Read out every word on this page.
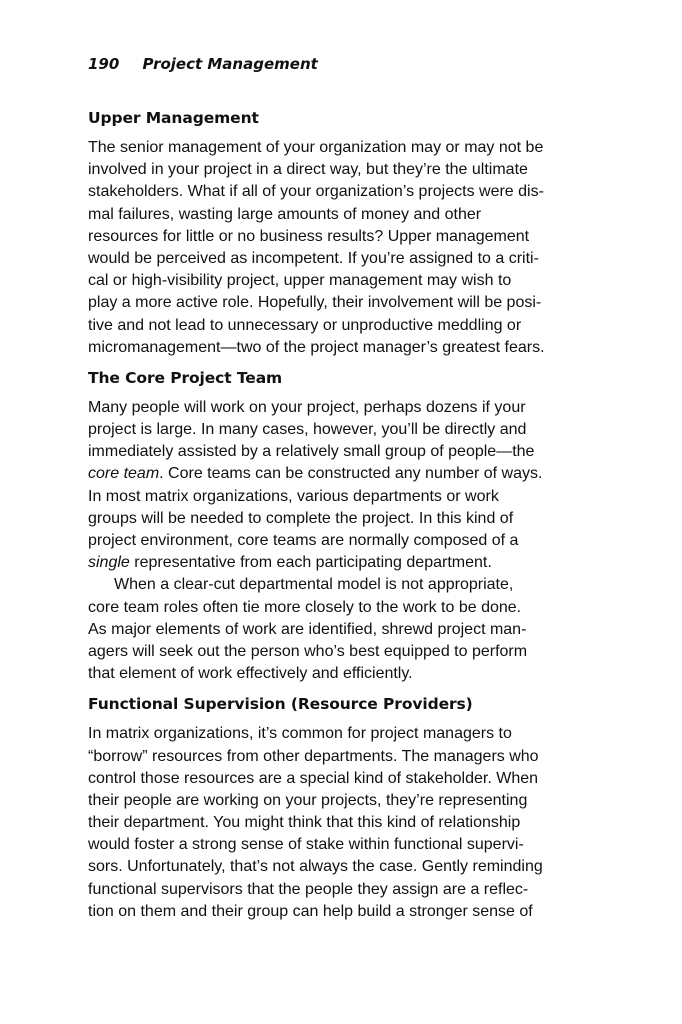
190 Project Management
Upper Management

The senior management of your organization may or may not be
involved in your project in a direct way, but they’re the ultimate
stakeholders. What if all of your organization’s projects were dis-
mal failures, wasting large amounts of money and other
resources for little or no business results? Upper management
would be perceived as incompetent. If you’re assigned to a criti-
cal or high-visibility project, upper management may wish to
play a more active role. Hopefully, their involvement will be posi-
tive and not lead to unnecessary or unproductive meddling or
micromanagement—two of the project manager’s greatest fears.

The Core Project Team

Many people will work on your project, perhaps dozens if your
project is large. In many cases, however, you’ll be directly and
immediately assisted by a relatively small group of people—the
core team. Core teams can be constructed any number of ways.
In most matrix organizations, various departments or work
groups will be needed to complete the project. In this kind of
project environment, core teams are normally composed of a
single representative from each participating department.
When a clear-cut departmental model is not appropriate,
core team roles often tie more closely to the work to be done.
As major elements of work are identified, shrewd project man-
agers will seek out the person who’s best equipped to perform
that element of work effectively and efficiently.

Functional Supervision (Resource Providers)

In matrix organizations, it’s common for project managers to
“borrow” resources from other departments. The managers who
control those resources are a special kind of stakeholder. When
their people are working on your projects, they’re representing
their department. You might think that this kind of relationship
would foster a strong sense of stake within functional supervi-
sors. Unfortunately, that’s not always the case. Gently reminding
functional supervisors that the people they assign are a reflec-
tion on them and their group can help build a stronger sense of
